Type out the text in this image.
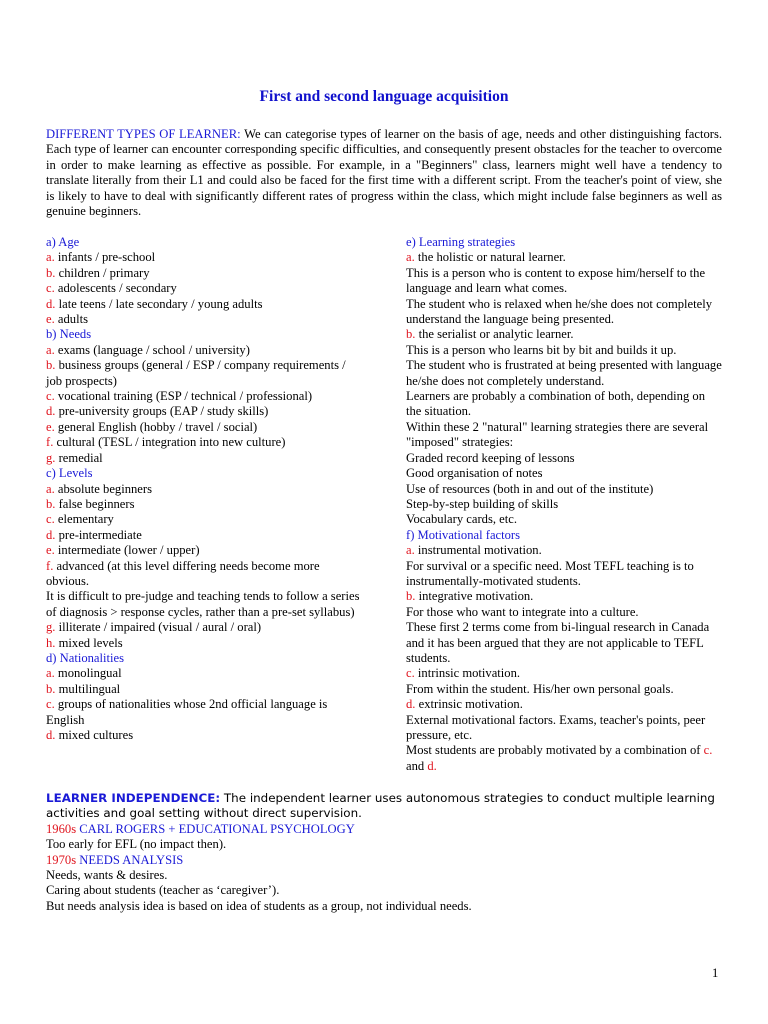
First and second language acquisition
DIFFERENT TYPES OF LEARNER: We can categorise types of learner on the basis of age, needs and other distinguishing factors. Each type of learner can encounter corresponding specific difficulties, and consequently present obstacles for the teacher to overcome in order to make learning as effective as possible. For example, in a "Beginners" class, learners might well have a tendency to translate literally from their L1 and could also be faced for the first time with a different script. From the teacher's point of view, she is likely to have to deal with significantly different rates of progress within the class, which might include false beginners as well as genuine beginners.
a) Age
a. infants / pre-school
b. children / primary
c. adolescents / secondary
d. late teens / late secondary / young adults
e. adults
b) Needs
a. exams (language / school / university)
b. business groups (general / ESP / company requirements / job prospects)
c. vocational training (ESP / technical / professional)
d. pre-university groups (EAP / study skills)
e. general English (hobby / travel / social)
f. cultural (TESL / integration into new culture)
g. remedial
c) Levels
a. absolute beginners
b. false beginners
c. elementary
d. pre-intermediate
e. intermediate (lower / upper)
f. advanced (at this level differing needs become more obvious.
It is difficult to pre-judge and teaching tends to follow a series of diagnosis > response cycles, rather than a pre-set syllabus)
g. illiterate / impaired (visual / aural / oral)
h. mixed levels
d) Nationalities
a. monolingual
b. multilingual
c. groups of nationalities whose 2nd official language is English
d. mixed cultures
e) Learning strategies
a. the holistic or natural learner.
This is a person who is content to expose him/herself to the language and learn what comes.
The student who is relaxed when he/she does not completely understand the language being presented.
b. the serialist or analytic learner.
This is a person who learns bit by bit and builds it up.
The student who is frustrated at being presented with language he/she does not completely understand.
Learners are probably a combination of both, depending on the situation.
Within these 2 "natural" learning strategies there are several "imposed" strategies:
Graded record keeping of lessons
Good organisation of notes
Use of resources (both in and out of the institute)
Step-by-step building of skills
Vocabulary cards, etc.
f) Motivational factors
a. instrumental motivation.
For survival or a specific need. Most TEFL teaching is to instrumentally-motivated students.
b. integrative motivation.
For those who want to integrate into a culture.
These first 2 terms come from bi-lingual research in Canada and it has been argued that they are not applicable to TEFL students.
c. intrinsic motivation.
From within the student. His/her own personal goals.
d. extrinsic motivation.
External motivational factors. Exams, teacher's points, peer pressure, etc.
Most students are probably motivated by a combination of c. and d.
LEARNER INDEPENDENCE: The independent learner uses autonomous strategies to conduct multiple learning activities and goal setting without direct supervision.
1960s CARL ROGERS + EDUCATIONAL PSYCHOLOGY
Too early for EFL (no impact then).
1970s NEEDS ANALYSIS
Needs, wants & desires.
Caring about students (teacher as ‘caregiver’).
But needs analysis idea is based on idea of students as a group, not individual needs.
1
